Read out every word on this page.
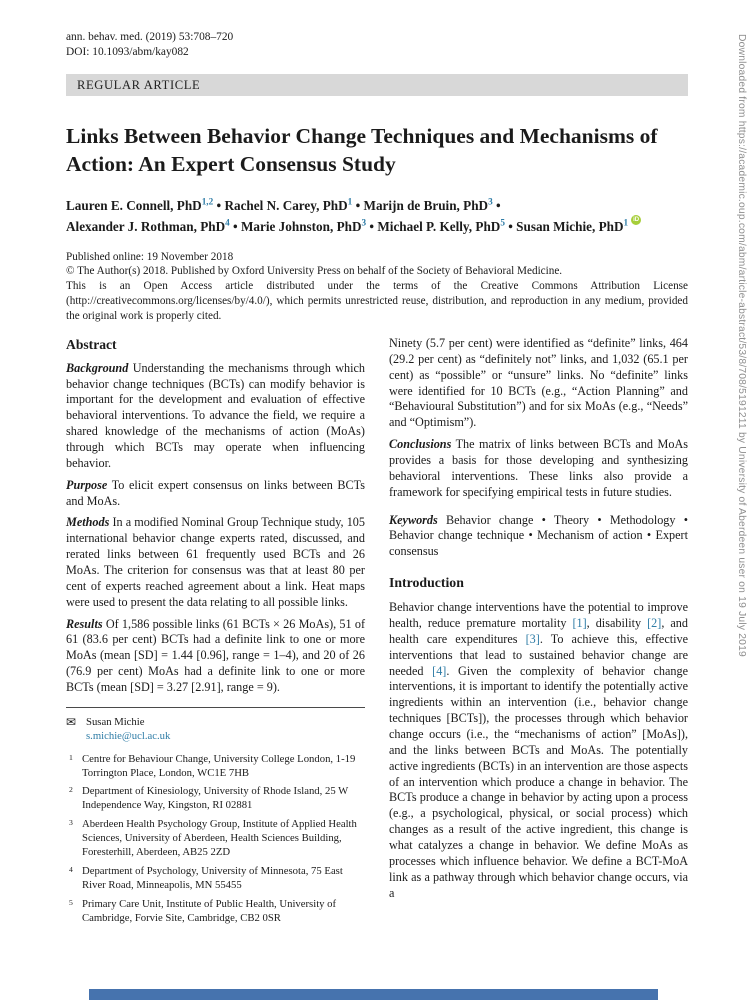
ann. behav. med. (2019) 53:708–720
DOI: 10.1093/abm/kay082
REGULAR ARTICLE
Links Between Behavior Change Techniques and Mechanisms of Action: An Expert Consensus Study
Lauren E. Connell, PhD$^{1,2}$ • Rachel N. Carey, PhD$^1$ • Marijn de Bruin, PhD$^3$ •
Alexander J. Rothman, PhD$^4$ • Marie Johnston, PhD$^3$ • Michael P. Kelly, PhD$^5$ • Susan Michie, PhD$^1$iD
Published online: 19 November 2018
© The Author(s) 2018. Published by Oxford University Press on behalf of the Society of Behavioral Medicine.
This is an Open Access article distributed under the terms of the Creative Commons Attribution License (http://creativecommons.org/licenses/by/4.0/), which permits unrestricted reuse, distribution, and reproduction in any medium, provided the original work is properly cited.
Abstract

Background Understanding the mechanisms through which behavior change techniques (BCTs) can modify behavior is important for the development and evaluation of effective behavioral interventions. To advance the field, we require a shared knowledge of the mechanisms of action (MoAs) through which BCTs may operate when influencing behavior.

Purpose To elicit expert consensus on links between BCTs and MoAs.

Methods In a modified Nominal Group Technique study, 105 international behavior change experts rated, discussed, and rerated links between 61 frequently used BCTs and 26 MoAs. The criterion for consensus was that at least 80 per cent of experts reached agreement about a link. Heat maps were used to present the data relating to all possible links.

Results Of 1,586 possible links (61 BCTs × 26 MoAs), 51 of 61 (83.6 per cent) BCTs had a definite link to one or more MoAs (mean [SD] = 1.44 [0.96], range = 1–4), and 20 of 26 (76.9 per cent) MoAs had a definite link to one or more BCTs (mean [SD] = 3.27 [2.91], range = 9).

✉ Susan Michie
s.michie@ucl.ac.uk
1 Centre for Behaviour Change, University College London, 1-19 Torrington Place, London, WC1E 7HB
2 Department of Kinesiology, University of Rhode Island, 25 W Independence Way, Kingston, RI 02881
3 Aberdeen Health Psychology Group, Institute of Applied Health Sciences, University of Aberdeen, Health Sciences Building, Foresterhill, Aberdeen, AB25 2ZD
4 Department of Psychology, University of Minnesota, 75 East River Road, Minneapolis, MN 55455
5 Primary Care Unit, Institute of Public Health, University of Cambridge, Forvie Site, Cambridge, CB2 0SR

Ninety (5.7 per cent) were identified as “definite” links, 464 (29.2 per cent) as “definitely not” links, and 1,032 (65.1 per cent) as “possible” or “unsure” links. No “definite” links were identified for 10 BCTs (e.g., “Action Planning” and “Behavioural Substitution”) and for six MoAs (e.g., “Needs” and “Optimism”).

Conclusions The matrix of links between BCTs and MoAs provides a basis for those developing and synthesizing behavioral interventions. These links also provide a framework for specifying empirical tests in future studies.

Keywords Behavior change • Theory • Methodology • Behavior change technique • Mechanism of action • Expert consensus

Introduction

Behavior change interventions have the potential to improve health, reduce premature mortality [1], disability [2], and health care expenditures [3]. To achieve this, effective interventions that lead to sustained behavior change are needed [4]. Given the complexity of behavior change interventions, it is important to identify the potentially active ingredients within an intervention (i.e., behavior change techniques [BCTs]), the processes through which behavior change occurs (i.e., the “mechanisms of action” [MoAs]), and the links between BCTs and MoAs. The potentially active ingredients (BCTs) in an intervention are those aspects of an intervention which produce a change in behavior. The BCTs produce a change in behavior by acting upon a process (e.g., a psychological, physical, or social process) which changes as a result of the active ingredient, this change is what catalyzes a change in behavior. We define MoAs as processes which influence behavior. We define a BCT-MoA link as a pathway through which behavior change occurs, via a

Downloaded from https://academic.oup.com/abm/article-abstract/53/8/708/5191211 by University of Aberdeen user on 19 July 2019
